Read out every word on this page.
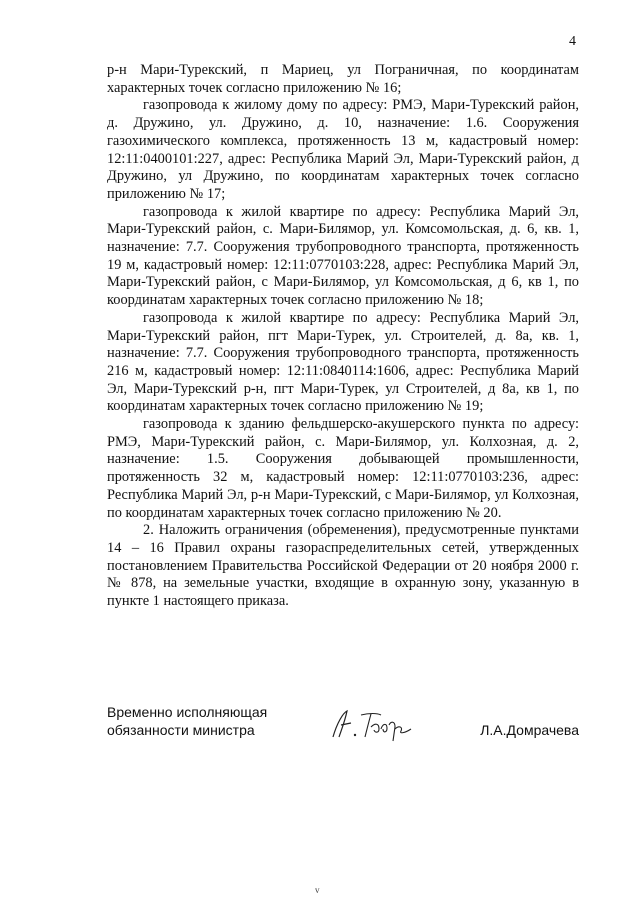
4

р-н Мари-Турекский, п Мариец, ул Пограничная, по координатам характерных точек согласно приложению № 16;

газопровода к жилому дому по адресу: РМЭ, Мари-Турекский район, д. Дружино, ул. Дружино, д. 10, назначение: 1.6. Сооружения газохимического комплекса, протяженность 13 м, кадастровый номер: 12:11:0400101:227, адрес: Республика Марий Эл, Мари-Турекский район, д Дружино, ул Дружино, по координатам характерных точек согласно приложению № 17;

газопровода к жилой квартире по адресу: Республика Марий Эл, Мари-Турекский район, с. Мари-Билямор, ул. Комсомольская, д. 6, кв. 1, назначение: 7.7. Сооружения трубопроводного транспорта, протяженность 19 м, кадастровый номер: 12:11:0770103:228, адрес: Республика Марий Эл, Мари-Турекский район, с Мари-Билямор, ул Комсомольская, д 6, кв 1, по координатам характерных точек согласно приложению № 18;

газопровода к жилой квартире по адресу: Республика Марий Эл, Мари-Турекский район, пгт Мари-Турек, ул. Строителей, д. 8а, кв. 1, назначение: 7.7. Сооружения трубопроводного транспорта, протяженность 216 м, кадастровый номер: 12:11:0840114:1606, адрес: Республика Марий Эл, Мари-Турекский р-н, пгт Мари-Турек, ул Строителей, д 8а, кв 1, по координатам характерных точек согласно приложению № 19;

газопровода к зданию фельдшерско-акушерского пункта по адресу: РМЭ, Мари-Турекский район, с. Мари-Билямор, ул. Колхозная, д. 2, назначение: 1.5. Сооружения добывающей промышленности, протяженность 32 м, кадастровый номер: 12:11:0770103:236, адрес: Республика Марий Эл, р-н Мари-Турекский, с Мари-Билямор, ул Колхозная, по координатам характерных точек согласно приложению № 20.

2. Наложить ограничения (обременения), предусмотренные пунктами 14 – 16 Правил охраны газораспределительных сетей, утвержденных постановлением Правительства Российской Федерации от 20 ноября 2000 г. № 878, на земельные участки, входящие в охранную зону, указанную в пункте 1 настоящего приказа.

Временно исполняющая
обязанности министра	Л.А.Домрачева
v
